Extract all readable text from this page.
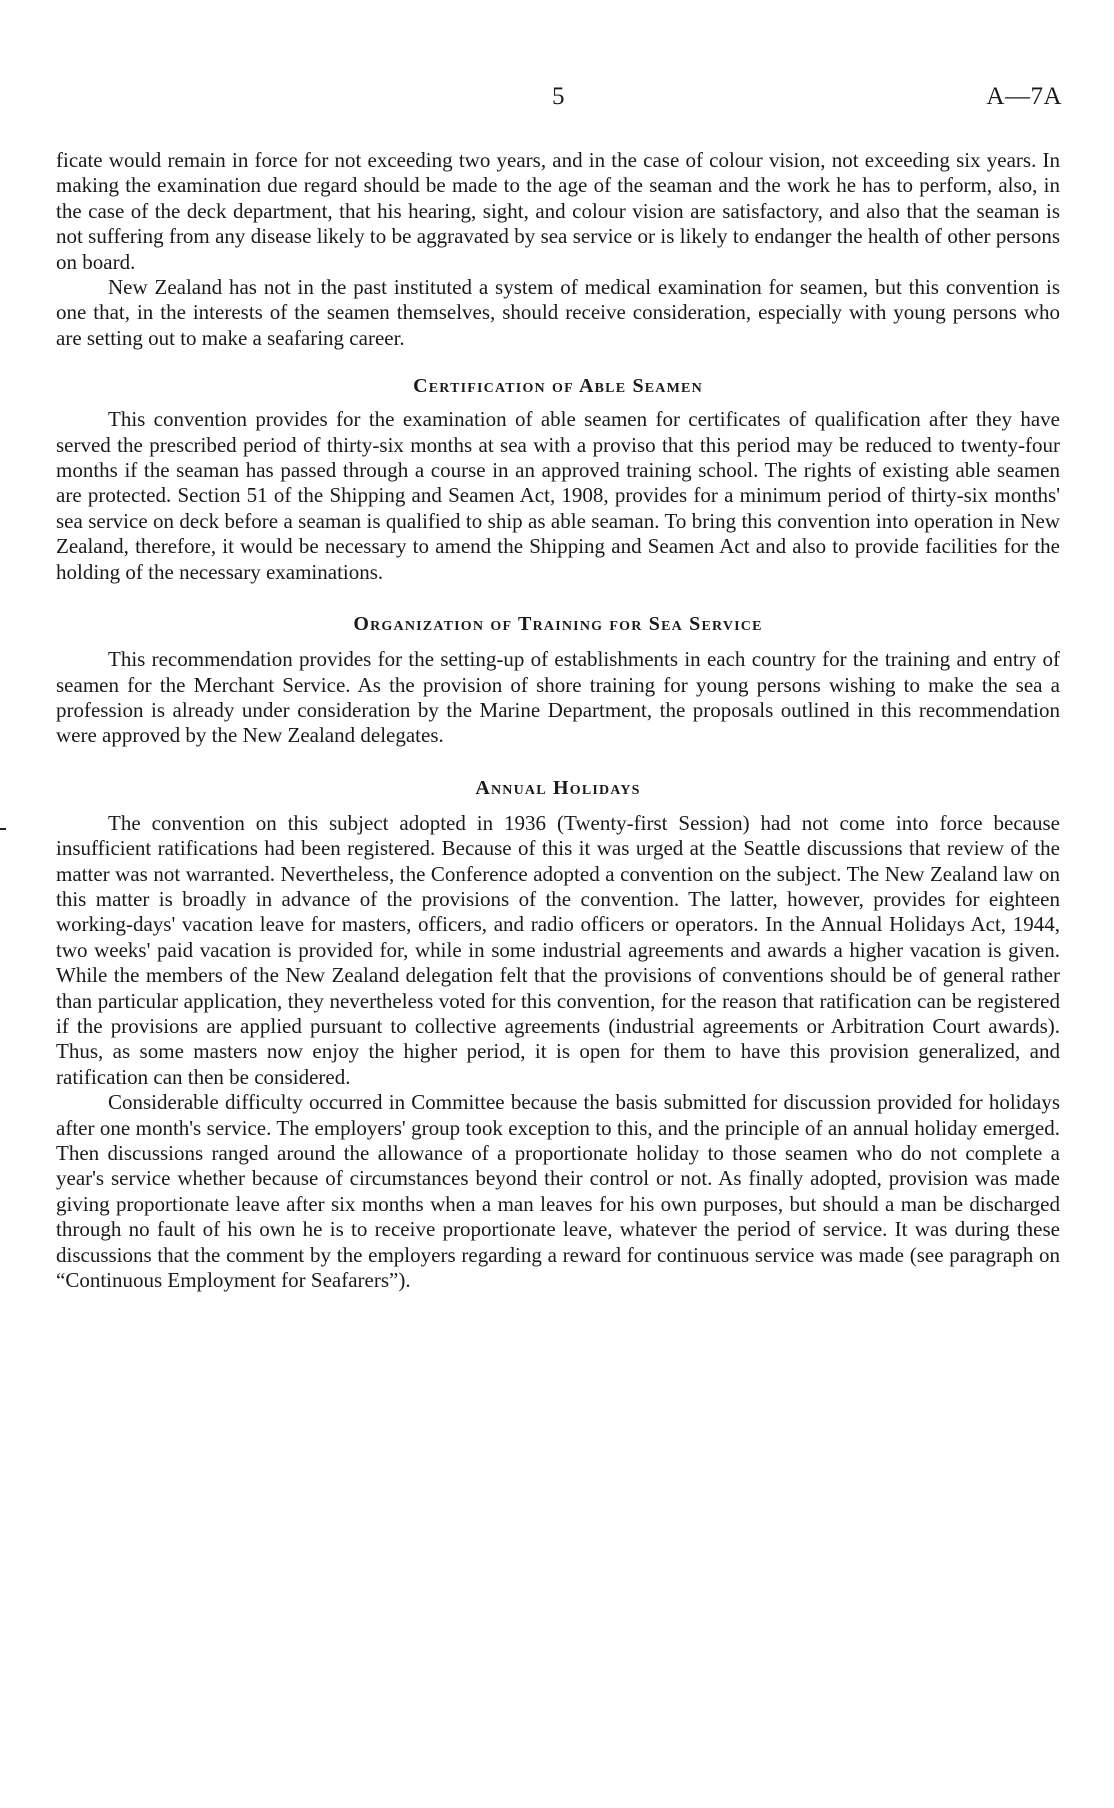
5	A—7A

ficate would remain in force for not exceeding two years, and in the case of colour vision, not exceeding six years. In making the examination due regard should be made to the age of the seaman and the work he has to perform, also, in the case of the deck department, that his hearing, sight, and colour vision are satisfactory, and also that the seaman is not suffering from any disease likely to be aggravated by sea service or is likely to endanger the health of other persons on board.

New Zealand has not in the past instituted a system of medical examination for seamen, but this convention is one that, in the interests of the seamen themselves, should receive consideration, especially with young persons who are setting out to make a seafaring career.

Certification of Able Seamen

This convention provides for the examination of able seamen for certificates of qualification after they have served the prescribed period of thirty-six months at sea with a proviso that this period may be reduced to twenty-four months if the seaman has passed through a course in an approved training school. The rights of existing able seamen are protected. Section 51 of the Shipping and Seamen Act, 1908, provides for a minimum period of thirty-six months' sea service on deck before a seaman is qualified to ship as able seaman. To bring this convention into operation in New Zealand, therefore, it would be necessary to amend the Shipping and Seamen Act and also to provide facilities for the holding of the necessary examinations.

Organization of Training for Sea Service

This recommendation provides for the setting-up of establishments in each country for the training and entry of seamen for the Merchant Service. As the provision of shore training for young persons wishing to make the sea a profession is already under consideration by the Marine Department, the proposals outlined in this recommendation were approved by the New Zealand delegates.

Annual Holidays

The convention on this subject adopted in 1936 (Twenty-first Session) had not come into force because insufficient ratifications had been registered. Because of this it was urged at the Seattle discussions that review of the matter was not warranted. Nevertheless, the Conference adopted a convention on the subject. The New Zealand law on this matter is broadly in advance of the provisions of the convention. The latter, however, provides for eighteen working-days' vacation leave for masters, officers, and radio officers or operators. In the Annual Holidays Act, 1944, two weeks' paid vacation is provided for, while in some industrial agreements and awards a higher vacation is given. While the members of the New Zealand delegation felt that the provisions of conventions should be of general rather than particular application, they nevertheless voted for this convention, for the reason that ratification can be registered if the provisions are applied pursuant to collective agreements (industrial agreements or Arbitration Court awards). Thus, as some masters now enjoy the higher period, it is open for them to have this provision generalized, and ratification can then be considered.

Considerable difficulty occurred in Committee because the basis submitted for discussion provided for holidays after one month's service. The employers' group took exception to this, and the principle of an annual holiday emerged. Then discussions ranged around the allowance of a proportionate holiday to those seamen who do not complete a year's service whether because of circumstances beyond their control or not. As finally adopted, provision was made giving proportionate leave after six months when a man leaves for his own purposes, but should a man be discharged through no fault of his own he is to receive proportionate leave, whatever the period of service. It was during these discussions that the comment by the employers regarding a reward for continuous service was made (see paragraph on “Continuous Employment for Seafarers”).
